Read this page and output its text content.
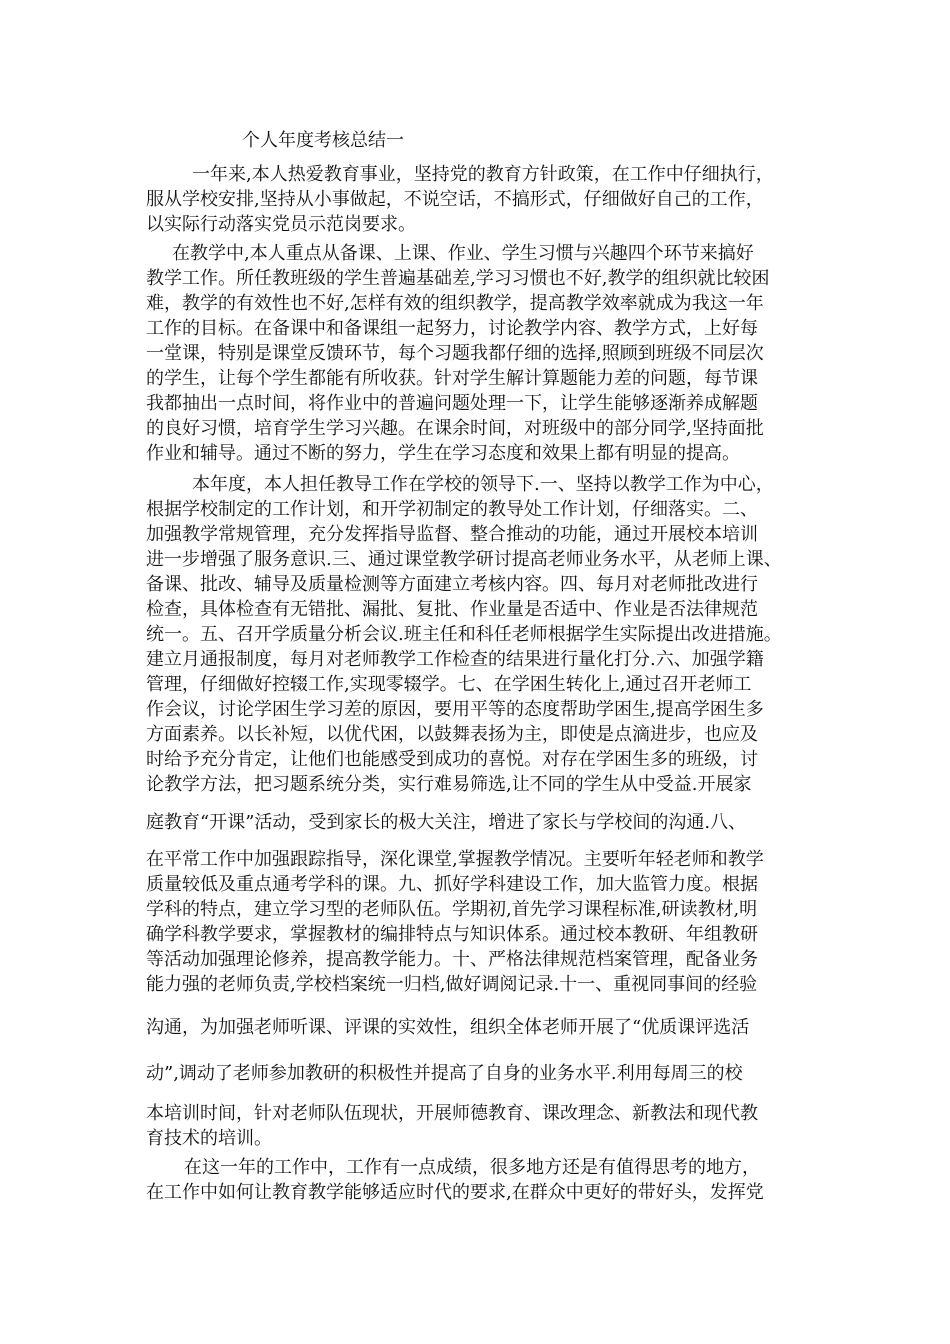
个人年度考核总结一
一年来,本人热爱教育事业，坚持党的教育方针政策，在工作中仔细执行，
服从学校安排,坚持从小事做起，不说空话，不搞形式，仔细做好自己的工作，
以实际行动落实党员示范岗要求。
在教学中,本人重点从备课、上课、作业、学生习惯与兴趣四个环节来搞好
教学工作。所任教班级的学生普遍基础差,学习习惯也不好,教学的组织就比较困
难，教学的有效性也不好,怎样有效的组织教学，提高教学效率就成为我这一年
工作的目标。在备课中和备课组一起努力，讨论教学内容、教学方式，上好每
一堂课，特别是课堂反馈环节，每个习题我都仔细的选择,照顾到班级不同层次
的学生，让每个学生都能有所收获。针对学生解计算题能力差的问题，每节课
我都抽出一点时间，将作业中的普遍问题处理一下，让学生能够逐渐养成解题
的良好习惯，培育学生学习兴趣。在课余时间，对班级中的部分同学,坚持面批
作业和辅导。通过不断的努力，学生在学习态度和效果上都有明显的提高。
本年度，本人担任教导工作在学校的领导下.一、坚持以教学工作为中心，
根据学校制定的工作计划，和开学初制定的教导处工作计划，仔细落实。二、
加强教学常规管理，充分发挥指导监督、整合推动的功能，通过开展校本培训
进一步增强了服务意识.三、通过课堂教学研讨提高老师业务水平，从老师上课、
备课、批改、辅导及质量检测等方面建立考核内容。四、每月对老师批改进行
检查，具体检查有无错批、漏批、复批、作业量是否适中、作业是否法律规范
统一。五、召开学质量分析会议.班主任和科任老师根据学生实际提出改进措施。
建立月通报制度，每月对老师教学工作检查的结果进行量化打分.六、加强学籍
管理，仔细做好控辍工作,实现零辍学。七、在学困生转化上,通过召开老师工
作会议，讨论学困生学习差的原因，要用平等的态度帮助学困生,提高学困生多
方面素养。以长补短，以优代困，以鼓舞表扬为主，即使是点滴进步，也应及
时给予充分肯定，让他们也能感受到成功的喜悦。对存在学困生多的班级，讨
论教学方法，把习题系统分类，实行难易筛选,让不同的学生从中受益.开展家
庭教育“开课”活动，受到家长的极大关注，增进了家长与学校间的沟通.八、
在平常工作中加强跟踪指导，深化课堂,掌握教学情况。主要听年轻老师和教学
质量较低及重点通考学科的课。九、抓好学科建设工作，加大监管力度。根据
学科的特点，建立学习型的老师队伍。学期初,首先学习课程标准,研读教材,明
确学科教学要求，掌握教材的编排特点与知识体系。通过校本教研、年组教研
等活动加强理论修养，提高教学能力。十、严格法律规范档案管理，配备业务
能力强的老师负责,学校档案统一归档,做好调阅记录.十一、重视同事间的经验
沟通，为加强老师听课、评课的实效性，组织全体老师开展了“优质课评选活
动”,调动了老师参加教研的积极性并提高了自身的业务水平.利用每周三的校
本培训时间，针对老师队伍现状，开展师德教育、课改理念、新教法和现代教
育技术的培训。
在这一年的工作中，工作有一点成绩，很多地方还是有值得思考的地方，
在工作中如何让教育教学能够适应时代的要求,在群众中更好的带好头，发挥党
